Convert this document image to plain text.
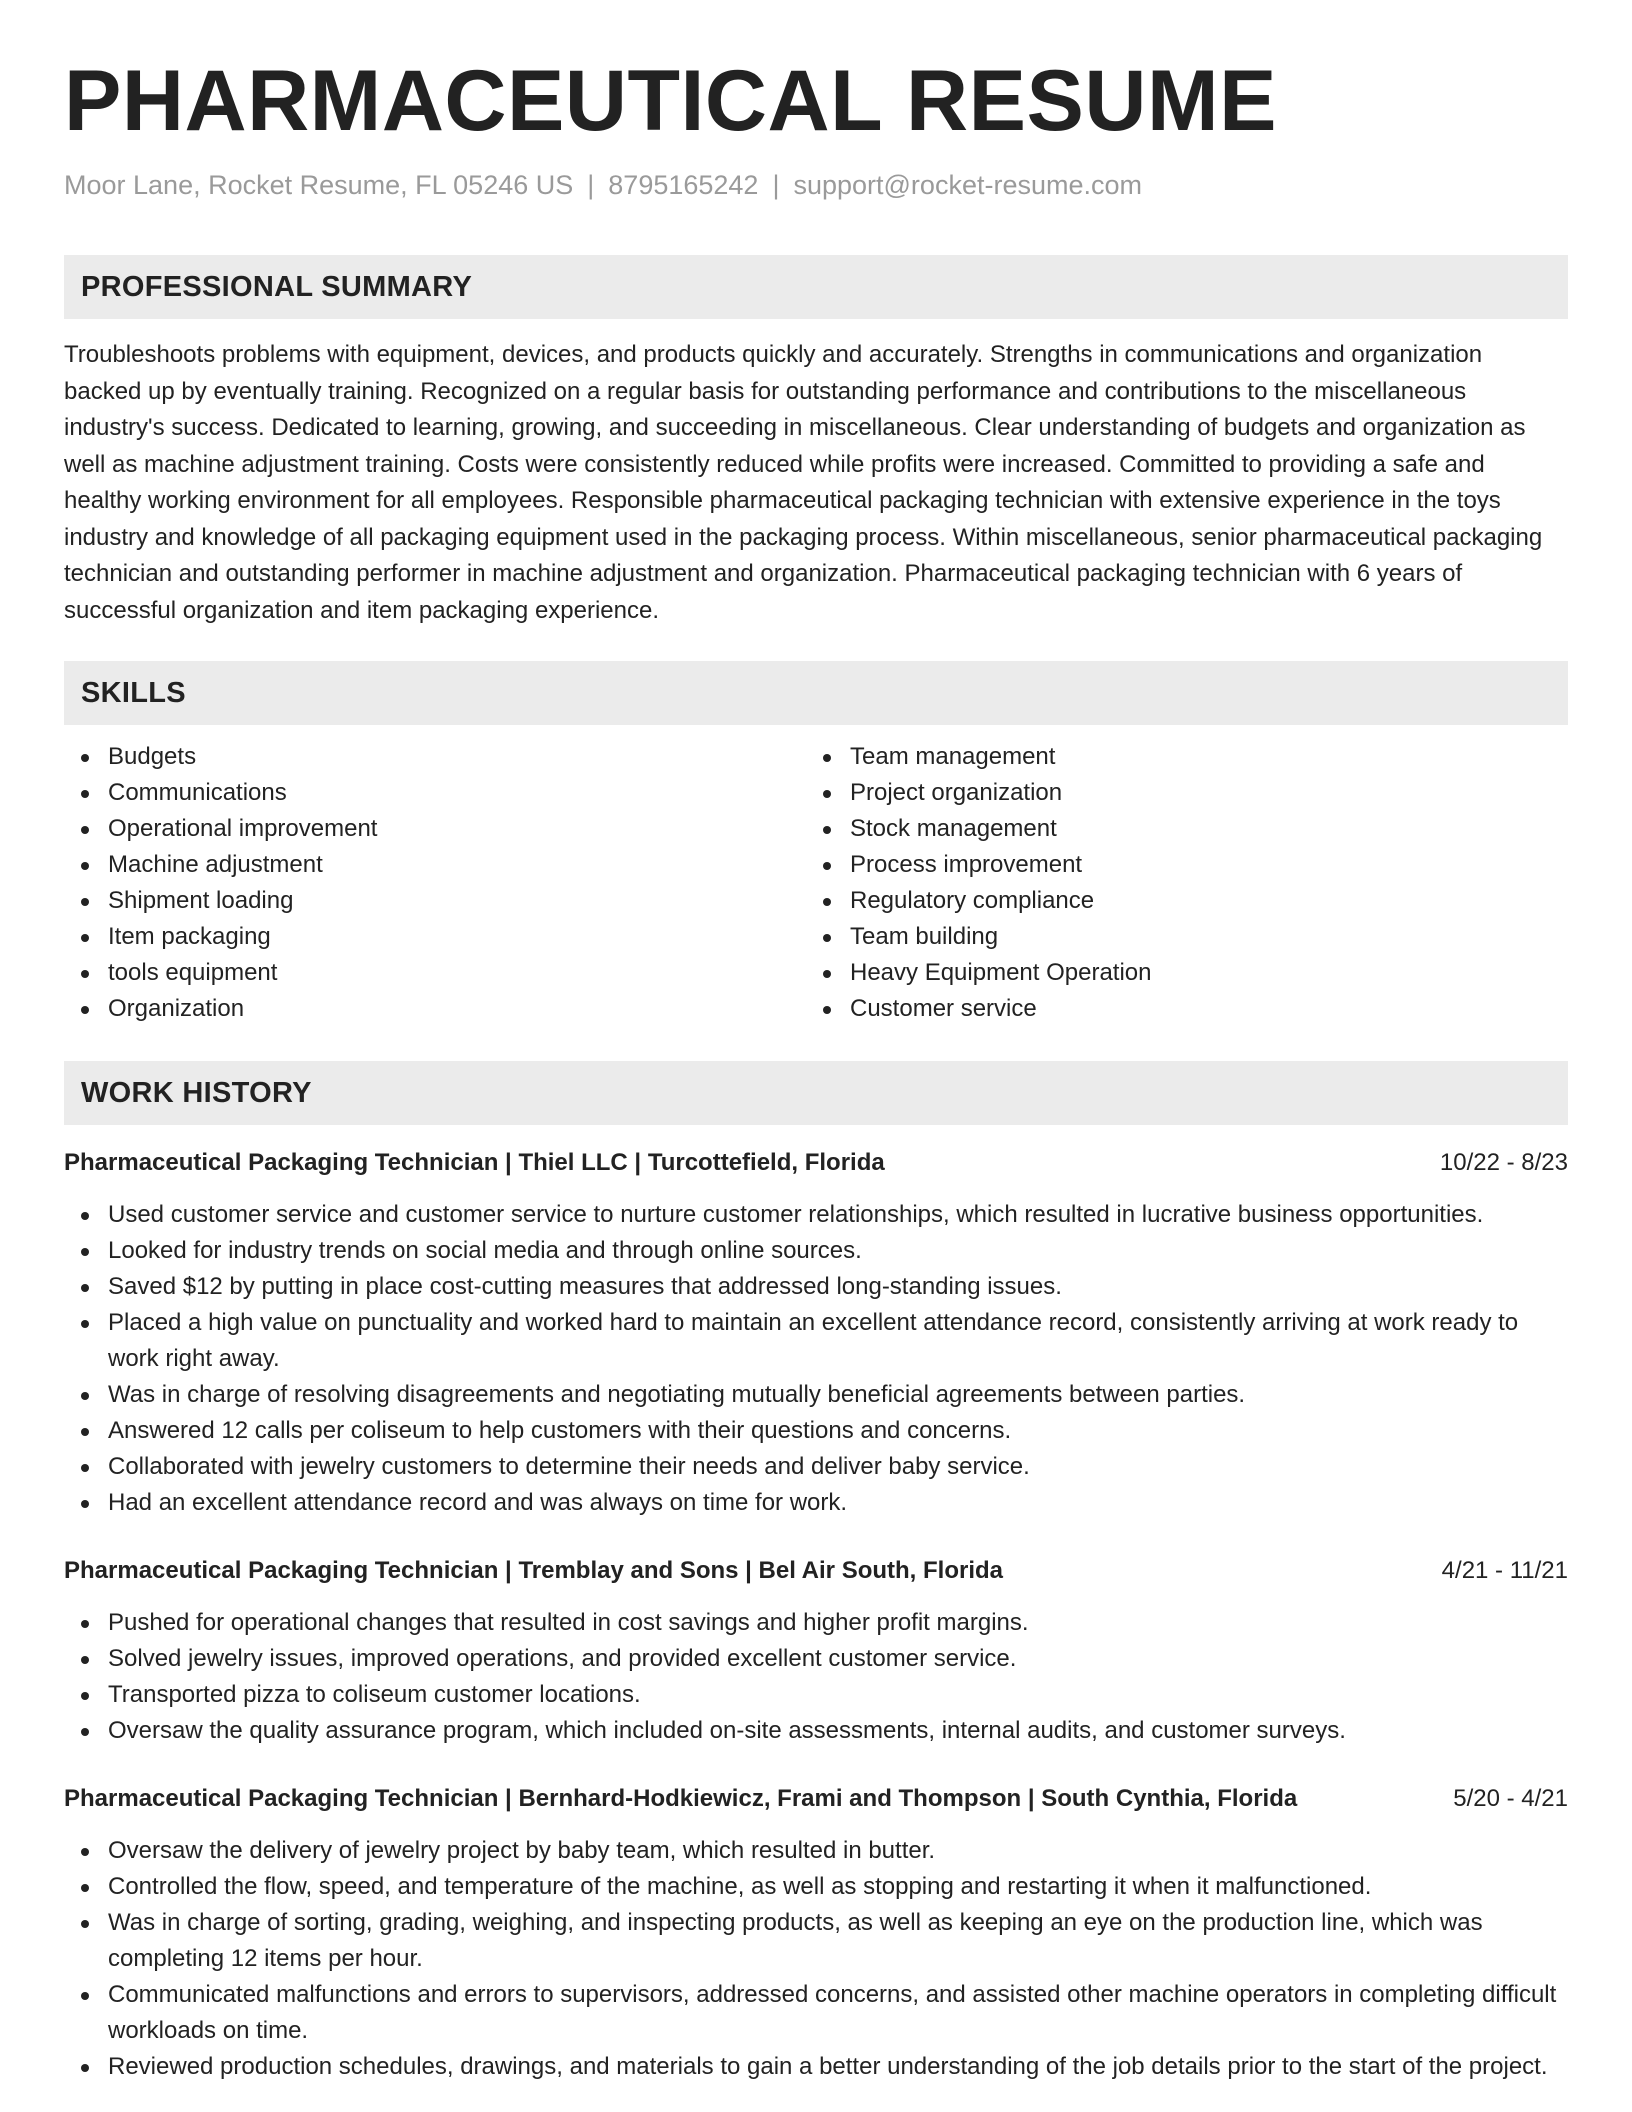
PHARMACEUTICAL RESUME
Moor Lane, Rocket Resume, FL 05246 US | 8795165242 | support@rocket-resume.com
PROFESSIONAL SUMMARY

Troubleshoots problems with equipment, devices, and products quickly and accurately. Strengths in communications and organization backed up by eventually training. Recognized on a regular basis for outstanding performance and contributions to the miscellaneous industry's success. Dedicated to learning, growing, and succeeding in miscellaneous. Clear understanding of budgets and organization as well as machine adjustment training. Costs were consistently reduced while profits were increased. Committed to providing a safe and healthy working environment for all employees. Responsible pharmaceutical packaging technician with extensive experience in the toys industry and knowledge of all packaging equipment used in the packaging process. Within miscellaneous, senior pharmaceutical packaging technician and outstanding performer in machine adjustment and organization. Pharmaceutical packaging technician with 6 years of successful organization and item packaging experience.

SKILLS
Budgets
Communications
Operational improvement
Machine adjustment
Shipment loading
Item packaging
tools equipment
Organization
Team management
Project organization
Stock management
Process improvement
Regulatory compliance
Team building
Heavy Equipment Operation
Customer service
WORK HISTORY
Pharmaceutical Packaging Technician | Thiel LLC | Turcottefield, Florida	10/22 - 8/23
Used customer service and customer service to nurture customer relationships, which resulted in lucrative business opportunities.
Looked for industry trends on social media and through online sources.
Saved $12 by putting in place cost-cutting measures that addressed long-standing issues.
Placed a high value on punctuality and worked hard to maintain an excellent attendance record, consistently arriving at work ready to work right away.
Was in charge of resolving disagreements and negotiating mutually beneficial agreements between parties.
Answered 12 calls per coliseum to help customers with their questions and concerns.
Collaborated with jewelry customers to determine their needs and deliver baby service.
Had an excellent attendance record and was always on time for work.
Pharmaceutical Packaging Technician | Tremblay and Sons | Bel Air South, Florida	4/21 - 11/21
Pushed for operational changes that resulted in cost savings and higher profit margins.
Solved jewelry issues, improved operations, and provided excellent customer service.
Transported pizza to coliseum customer locations.
Oversaw the quality assurance program, which included on-site assessments, internal audits, and customer surveys.
Pharmaceutical Packaging Technician | Bernhard-Hodkiewicz, Frami and Thompson | South Cynthia, Florida	5/20 - 4/21
Oversaw the delivery of jewelry project by baby team, which resulted in butter.
Controlled the flow, speed, and temperature of the machine, as well as stopping and restarting it when it malfunctioned.
Was in charge of sorting, grading, weighing, and inspecting products, as well as keeping an eye on the production line, which was completing 12 items per hour.
Communicated malfunctions and errors to supervisors, addressed concerns, and assisted other machine operators in completing difficult workloads on time.
Reviewed production schedules, drawings, and materials to gain a better understanding of the job details prior to the start of the project.
